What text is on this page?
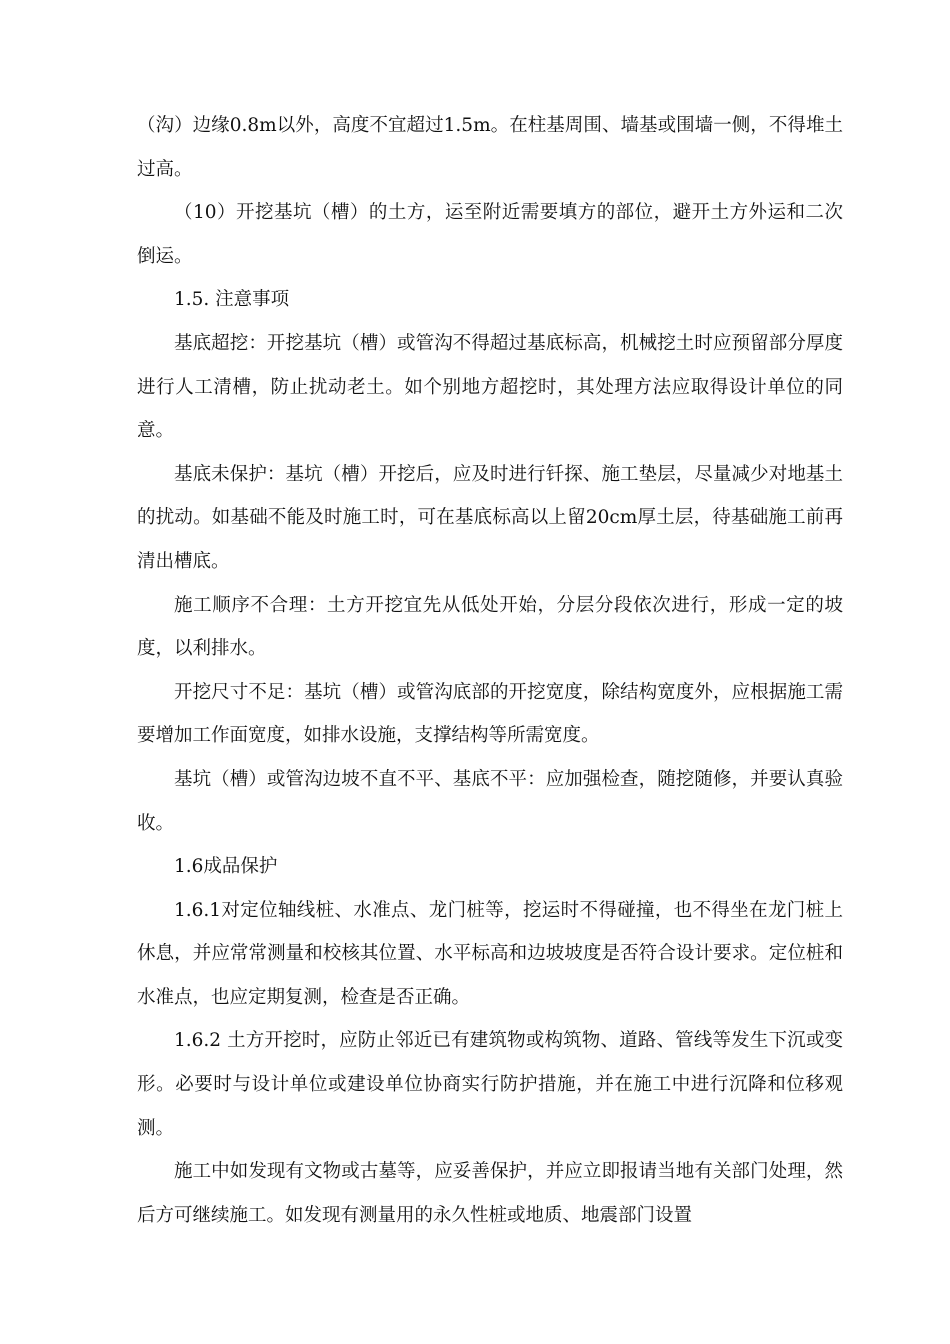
（沟）边缘0.8m以外，高度不宜超过1.5m。在柱基周围、墙基或围墙一侧，不得堆土过高。

（10）开挖基坑（槽）的土方，运至附近需要填方的部位，避开土方外运和二次倒运。

1.5. 注意事项

基底超挖：开挖基坑（槽）或管沟不得超过基底标高，机械挖土时应预留部分厚度进行人工清槽，防止扰动老土。如个别地方超挖时，其处理方法应取得设计单位的同意。

基底未保护：基坑（槽）开挖后，应及时进行钎探、施工垫层，尽量减少对地基土的扰动。如基础不能及时施工时，可在基底标高以上留20cm厚土层，待基础施工前再清出槽底。

施工顺序不合理：土方开挖宜先从低处开始，分层分段依次进行，形成一定的坡度，以利排水。

开挖尺寸不足：基坑（槽）或管沟底部的开挖宽度，除结构宽度外，应根据施工需要增加工作面宽度，如排水设施，支撑结构等所需宽度。

基坑（槽）或管沟边坡不直不平、基底不平：应加强检查，随挖随修，并要认真验收。

1.6成品保护

1.6.1对定位轴线桩、水准点、龙门桩等，挖运时不得碰撞，也不得坐在龙门桩上休息，并应常常测量和校核其位置、水平标高和边坡坡度是否符合设计要求。定位桩和水准点，也应定期复测，检查是否正确。

1.6.2 土方开挖时，应防止邻近已有建筑物或构筑物、道路、管线等发生下沉或变形。必要时与设计单位或建设单位协商实行防护措施，并在施工中进行沉降和位移观测。

施工中如发现有文物或古墓等，应妥善保护，并应立即报请当地有关部门处理，然后方可继续施工。如发现有测量用的永久性桩或地质、地震部门设置
